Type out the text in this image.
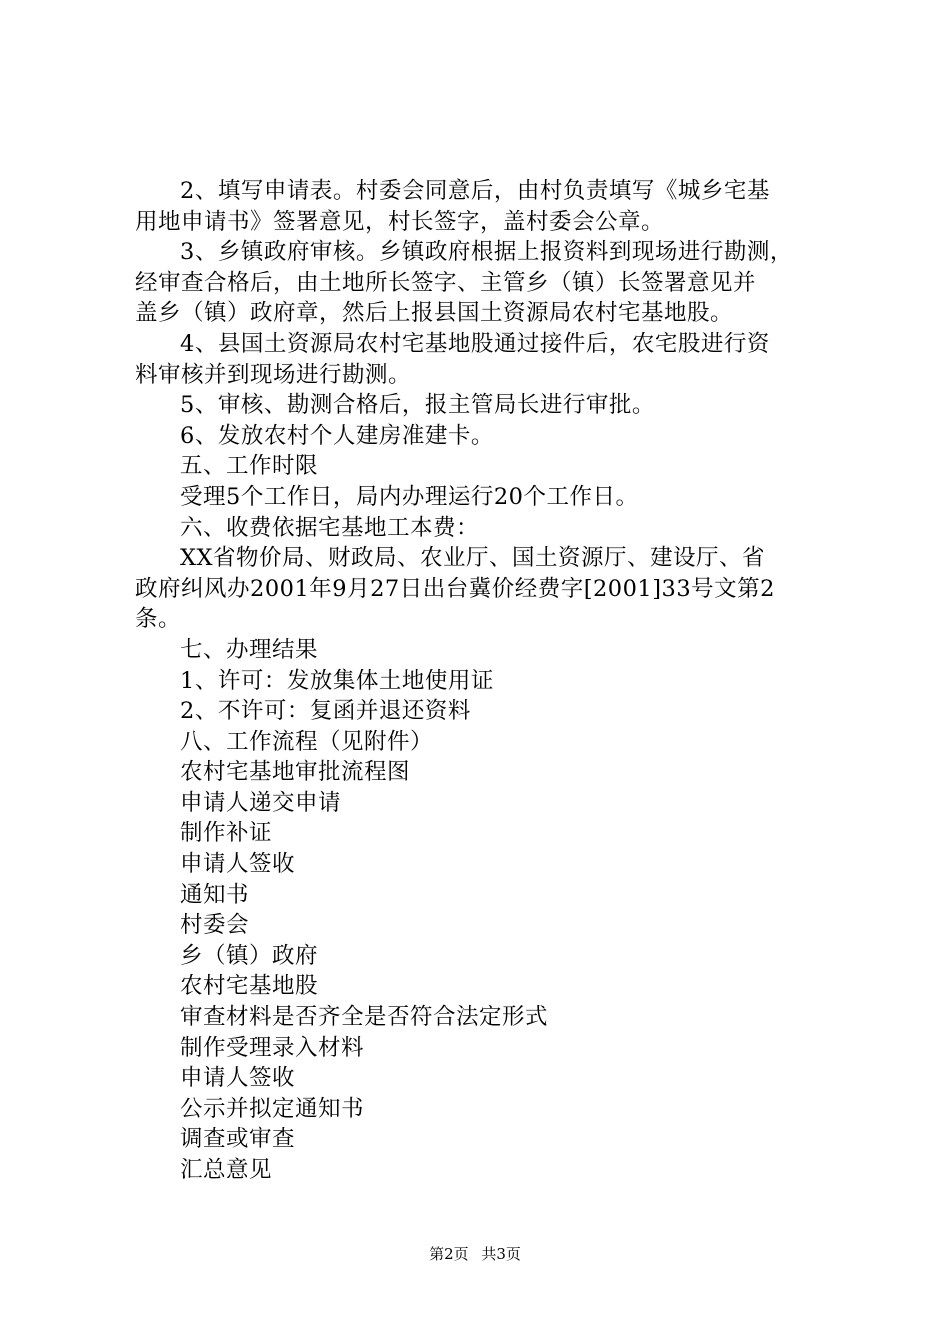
2、填写申请表。村委会同意后，由村负责填写《城乡宅基
用地申请书》签署意见，村长签字，盖村委会公章。
3、乡镇政府审核。乡镇政府根据上报资料到现场进行勘测，
经审查合格后，由土地所长签字、主管乡（镇）长签署意见并
盖乡（镇）政府章，然后上报县国土资源局农村宅基地股。
4、县国土资源局农村宅基地股通过接件后，农宅股进行资
料审核并到现场进行勘测。
5、审核、勘测合格后，报主管局长进行审批。
6、发放农村个人建房准建卡。
五、工作时限
受理5个工作日，局内办理运行20个工作日。
六、收费依据宅基地工本费：
XX省物价局、财政局、农业厅、国土资源厅、建设厅、省
政府纠风办2001年9月27日出台冀价经费字[2001]33号文第2
条。
七、办理结果
1、许可：发放集体土地使用证
2、不许可：复函并退还资料
八、工作流程（见附件）
农村宅基地审批流程图
申请人递交申请
制作补证
申请人签收
通知书
村委会
乡（镇）政府
农村宅基地股
审查材料是否齐全是否符合法定形式
制作受理录入材料
申请人签收
公示并拟定通知书
调查或审查
汇总意见
第2页 共3页
